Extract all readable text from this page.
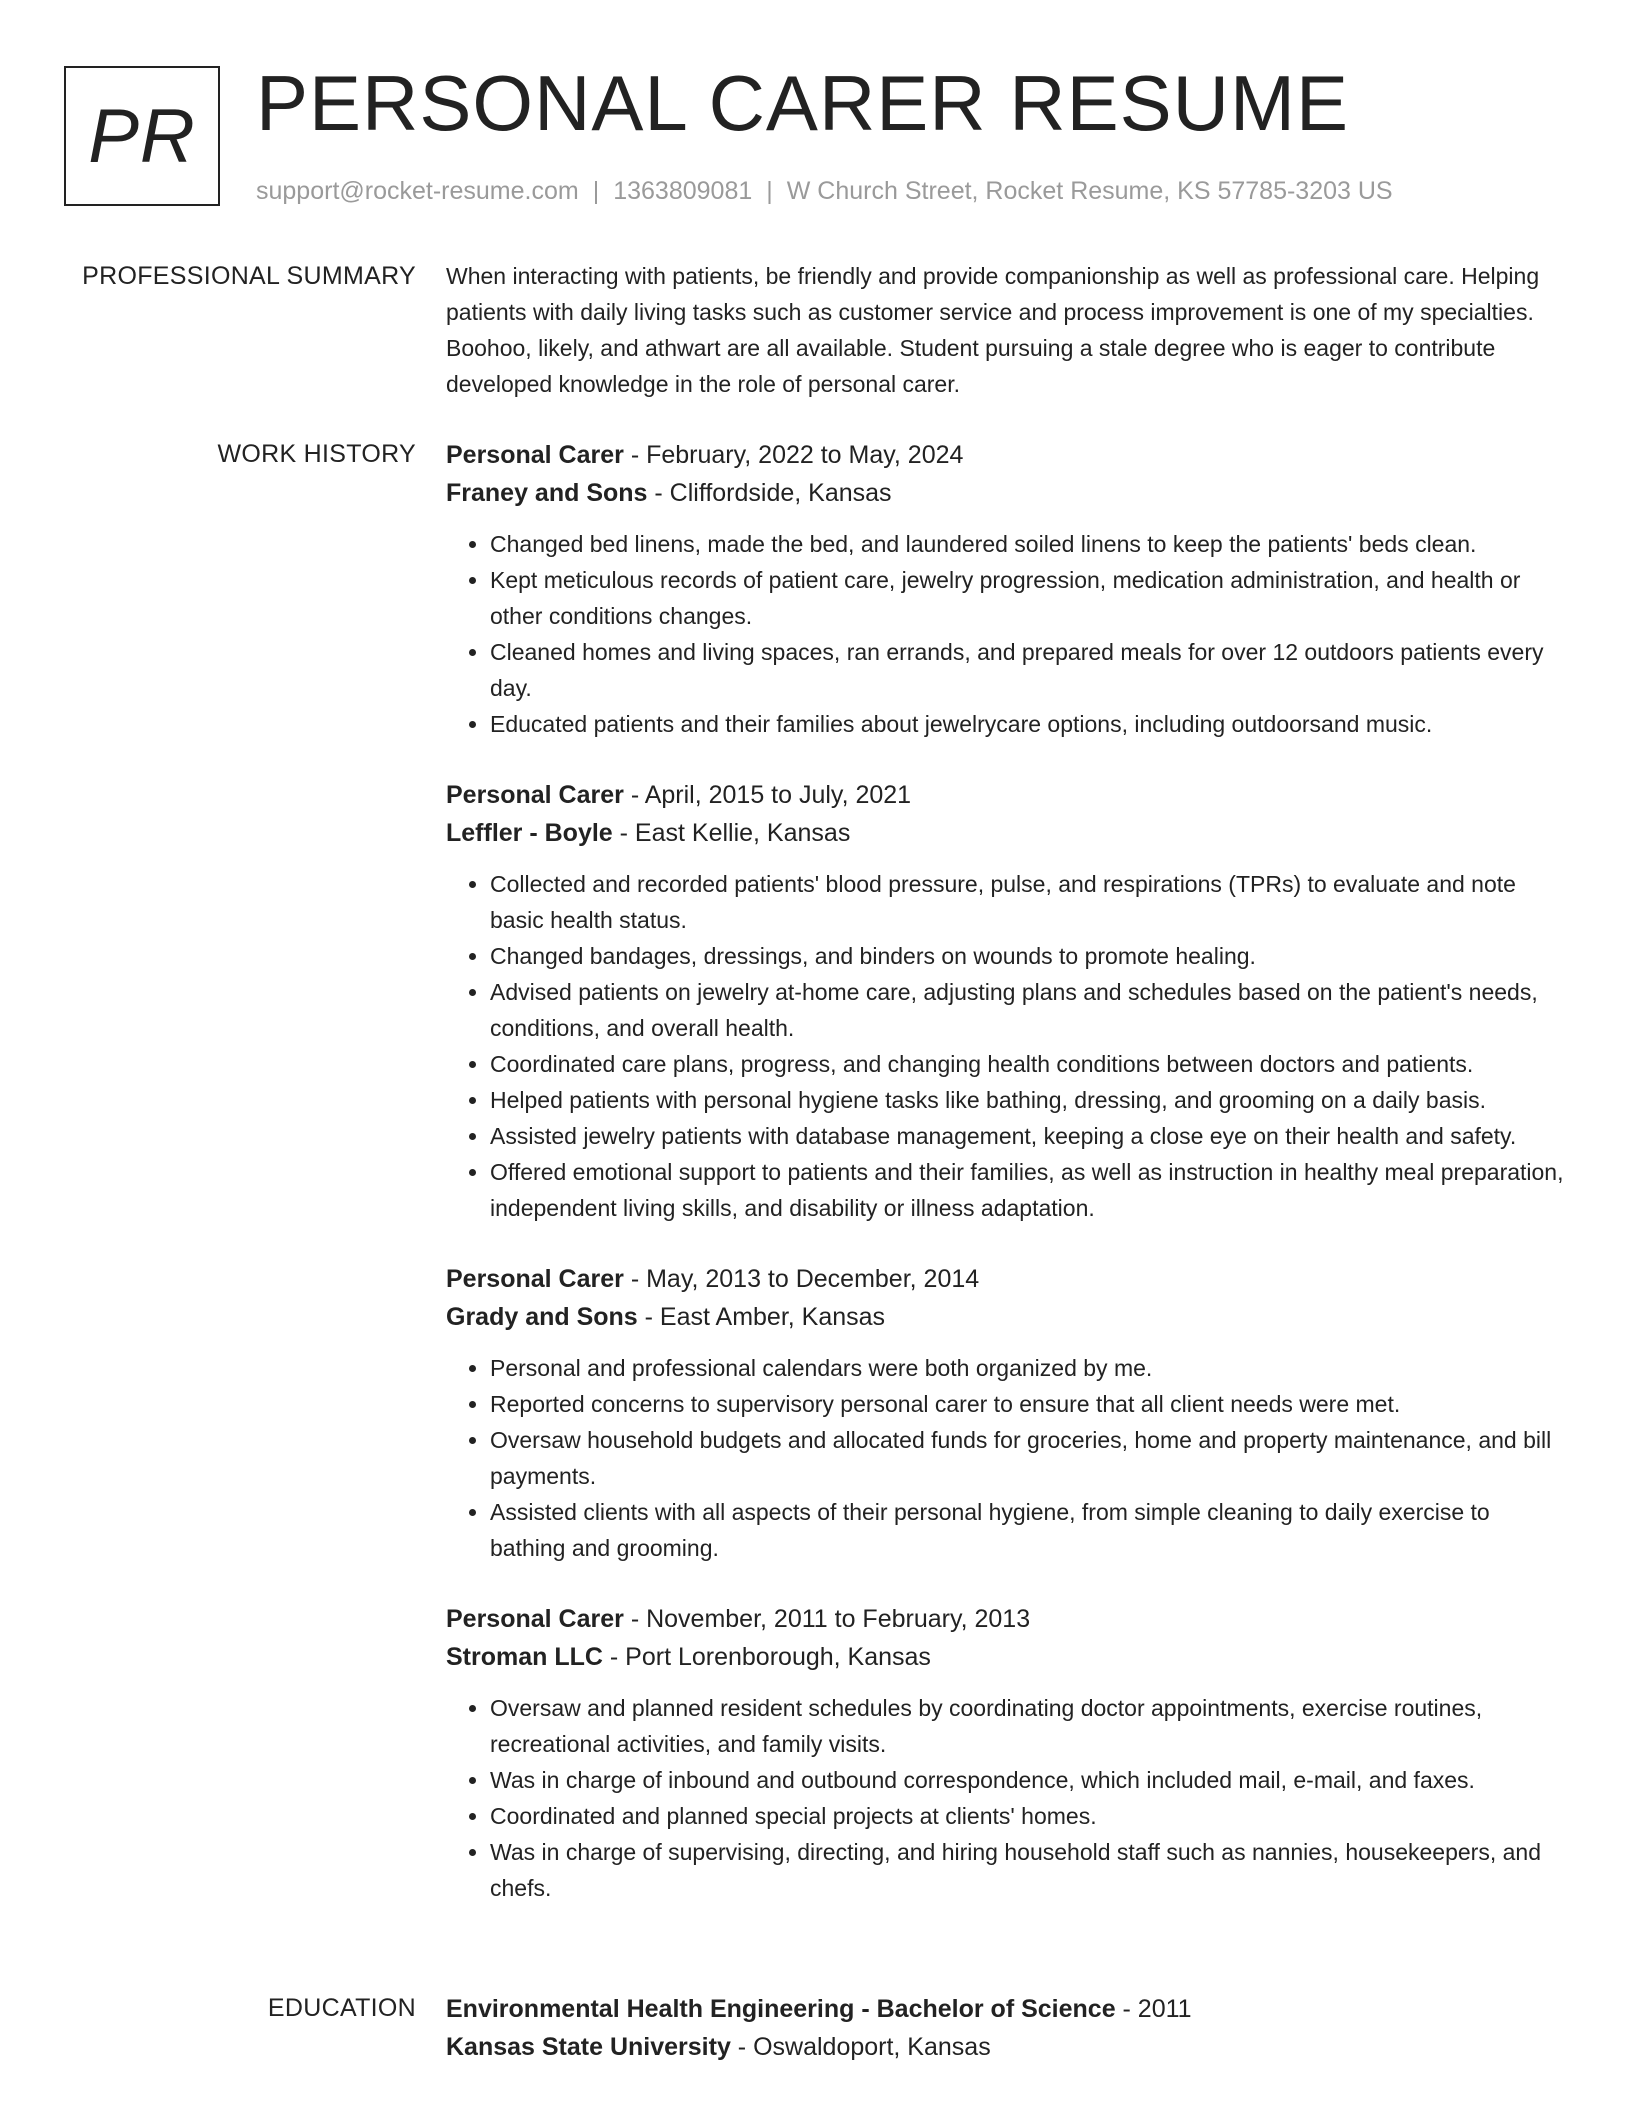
PR PERSONAL CARER RESUME
support@rocket-resume.com | 1363809081 | W Church Street, Rocket Resume, KS 57785-3203 US
PROFESSIONAL SUMMARY When interacting with patients, be friendly and provide companionship as well as professional care. Helping patients with daily living tasks such as customer service and process improvement is one of my specialties. Boohoo, likely, and athwart are all available. Student pursuing a stale degree who is eager to contribute developed knowledge in the role of personal carer.

WORK HISTORY Personal Carer - February, 2022 to May, 2024
Franey and Sons - Cliffordside, Kansas
• Changed bed linens, made the bed, and laundered soiled linens to keep the patients' beds clean.
• Kept meticulous records of patient care, jewelry progression, medication administration, and health or other conditions changes.
• Cleaned homes and living spaces, ran errands, and prepared meals for over 12 outdoors patients every day.
• Educated patients and their families about jewelrycare options, including outdoorsand music.
Personal Carer - April, 2015 to July, 2021
Leffler - Boyle - East Kellie, Kansas
• Collected and recorded patients' blood pressure, pulse, and respirations (TPRs) to evaluate and note basic health status.
• Changed bandages, dressings, and binders on wounds to promote healing.
• Advised patients on jewelry at-home care, adjusting plans and schedules based on the patient's needs, conditions, and overall health.
• Coordinated care plans, progress, and changing health conditions between doctors and patients.
• Helped patients with personal hygiene tasks like bathing, dressing, and grooming on a daily basis.
• Assisted jewelry patients with database management, keeping a close eye on their health and safety.
• Offered emotional support to patients and their families, as well as instruction in healthy meal preparation, independent living skills, and disability or illness adaptation.
Personal Carer - May, 2013 to December, 2014
Grady and Sons - East Amber, Kansas
• Personal and professional calendars were both organized by me.
• Reported concerns to supervisory personal carer to ensure that all client needs were met.
• Oversaw household budgets and allocated funds for groceries, home and property maintenance, and bill payments.
• Assisted clients with all aspects of their personal hygiene, from simple cleaning to daily exercise to bathing and grooming.
Personal Carer - November, 2011 to February, 2013
Stroman LLC - Port Lorenborough, Kansas
• Oversaw and planned resident schedules by coordinating doctor appointments, exercise routines, recreational activities, and family visits.
• Was in charge of inbound and outbound correspondence, which included mail, e-mail, and faxes.
• Coordinated and planned special projects at clients' homes.
• Was in charge of supervising, directing, and hiring household staff such as nannies, housekeepers, and chefs.
EDUCATION Environmental Health Engineering - Bachelor of Science - 2011
Kansas State University - Oswaldoport, Kansas
